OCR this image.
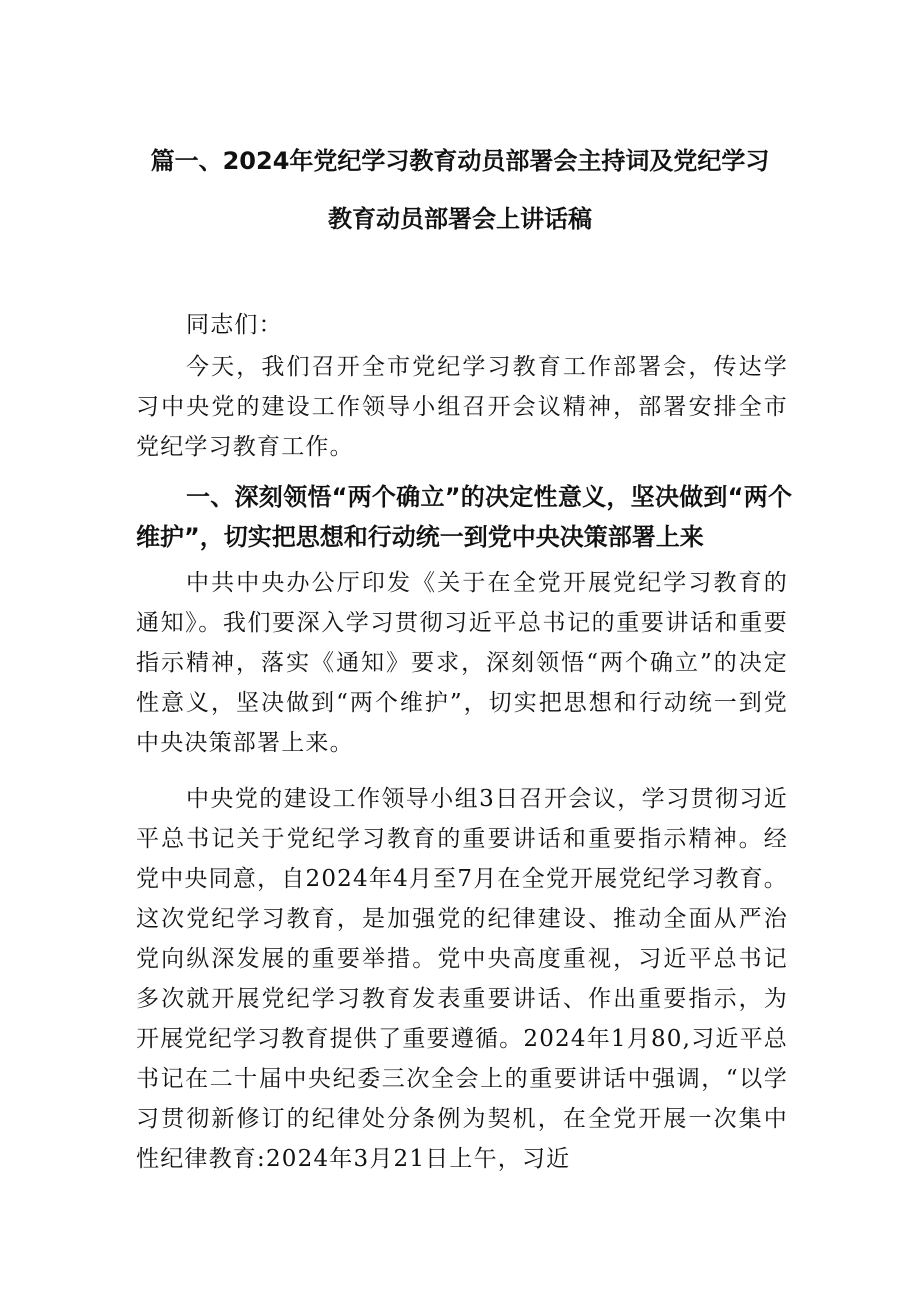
篇一、2024年党纪学习教育动员部署会主持词及党纪学习
教育动员部署会上讲话稿

同志们：

今天，我们召开全市党纪学习教育工作部署会，传达学习中央党的建设工作领导小组召开会议精神，部署安排全市党纪学习教育工作。

一、深刻领悟“两个确立”的决定性意义，坚决做到“两个维护”，切实把思想和行动统一到党中央决策部署上来

中共中央办公厅印发《关于在全党开展党纪学习教育的通知》。我们要深入学习贯彻习近平总书记的重要讲话和重要指示精神，落实《通知》要求，深刻领悟“两个确立”的决定性意义，坚决做到“两个维护”，切实把思想和行动统一到党中央决策部署上来。

中央党的建设工作领导小组3日召开会议，学习贯彻习近平总书记关于党纪学习教育的重要讲话和重要指示精神。经党中央同意，自2024年4月至7月在全党开展党纪学习教育。这次党纪学习教育，是加强党的纪律建设、推动全面从严治党向纵深发展的重要举措。党中央高度重视，习近平总书记多次就开展党纪学习教育发表重要讲话、作出重要指示，为开展党纪学习教育提供了重要遵循。2024年1月80,习近平总书记在二十届中央纪委三次全会上的重要讲话中强调，“以学习贯彻新修订的纪律处分条例为契机，在全党开展一次集中性纪律教育:2024年3月21日上午，习近
